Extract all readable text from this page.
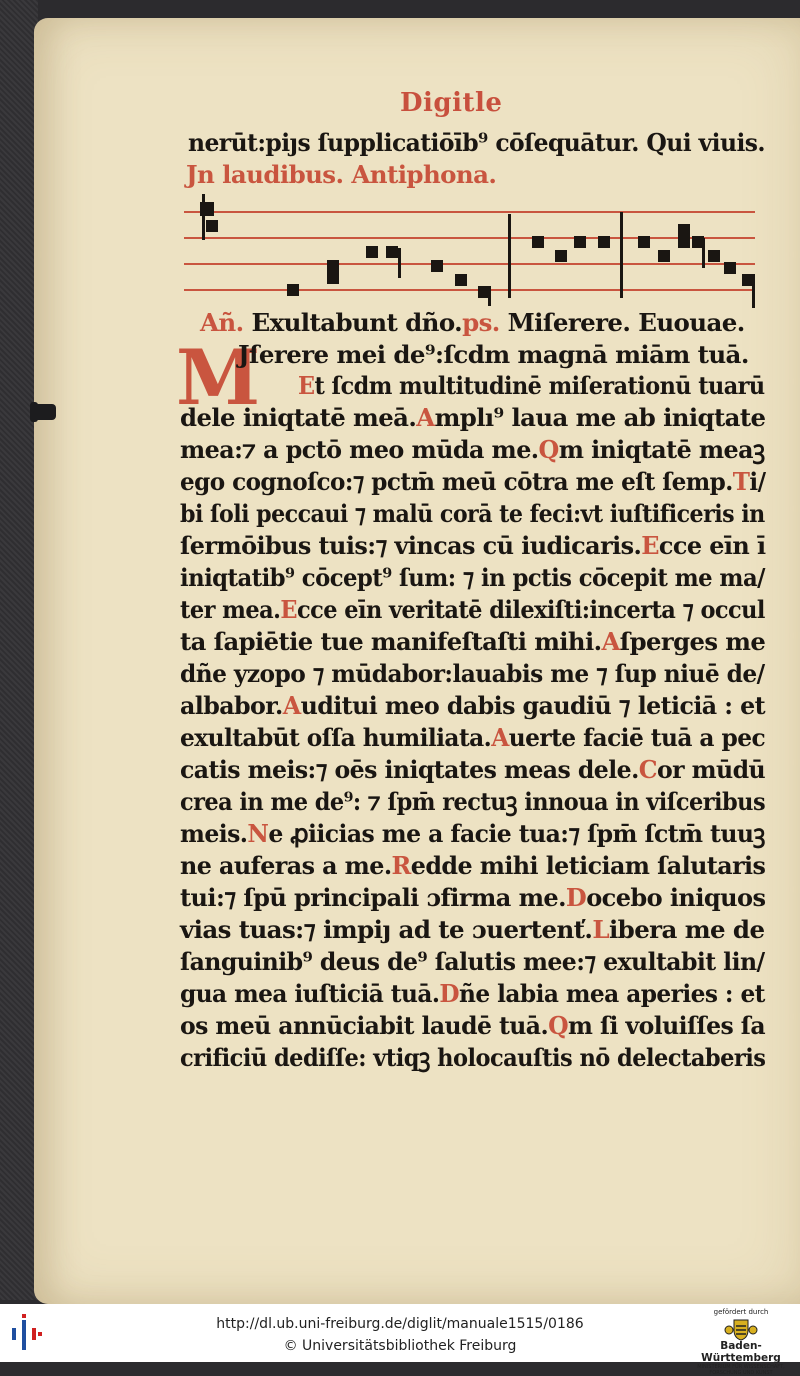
Digitle
M
nerūt:piȷs ſupplicatiōīb⁹ cōſequātur. Qui viuis.
Jn laudibus. Antiphona.
Añ. Exultabunt dño.ps. Miſerere. Euouae.
Jſerere mei de⁹:ſcdm magnā miām tuā.
Et ſcdm multitudinē miſerationū tuarū
dele iniqtatē meā.Amplı⁹ laua me ab iniqtate
mea:⁊ a pctō meo mūda me.Qm iniqtatē meaꝫ
ego cognoſco:⁊ pctm̄ meū cōtra me eſt ſemp.Ti/
bi ſoli peccaui ⁊ malū corā te feci:vt iuſtificeris in
ſermōibus tuis:⁊ vincas cū iudicaris.Ecce eīn ī
iniqtatib⁹ cōcept⁹ ſum: ⁊ in pctis cōcepit me ma/
ter mea.Ecce eīn veritatē dilexiſti:incerta ⁊ occul
ta ſapiētie tue manifeſtaſti mihi.Aſperges me
dñe yzopo ⁊ mūdabor:lauabis me ⁊ ſup niuē de/
albabor.Auditui meo dabis gaudiū ⁊ leticiā : et
exultabūt oſſa humiliata.Auerte faciē tuā a pec
catis meis:⁊ oēs iniqtates meas dele.Cor mūdū
crea in me de⁹: ⁊ ſpm̄ rectuꝫ innoua in viſceribus
meis.Ne ꝓiicias me a facie tua:⁊ ſpm̄ ſctm̄ tuuꝫ
ne auferas a me.Redde mihi leticiam ſalutaris
tui:⁊ ſpū principali ɔfirma me.Docebo iniquos
vias tuas:⁊ impiȷ ad te ɔuertenť.Libera me de
ſanguinib⁹ deus de⁹ ſalutis mee:⁊ exultabit lin/
gua mea iuſticiā tuā.Dñe labia mea aperies : et
os meū annūciabit laudē tuā.Qm ſi voluiſſes ſa
crificiū dediſſe: vtiqꝫ holocauſtis nō delectaberis
http://dl.ub.uni-freiburg.de/diglit/manuale1515/0186
© Universitätsbibliothek Freiburg
gefördert durch
Baden-Württemberg
MINISTERIUM FÜR WISSENSCHAFT, FORSCHUNG UND KUNST
